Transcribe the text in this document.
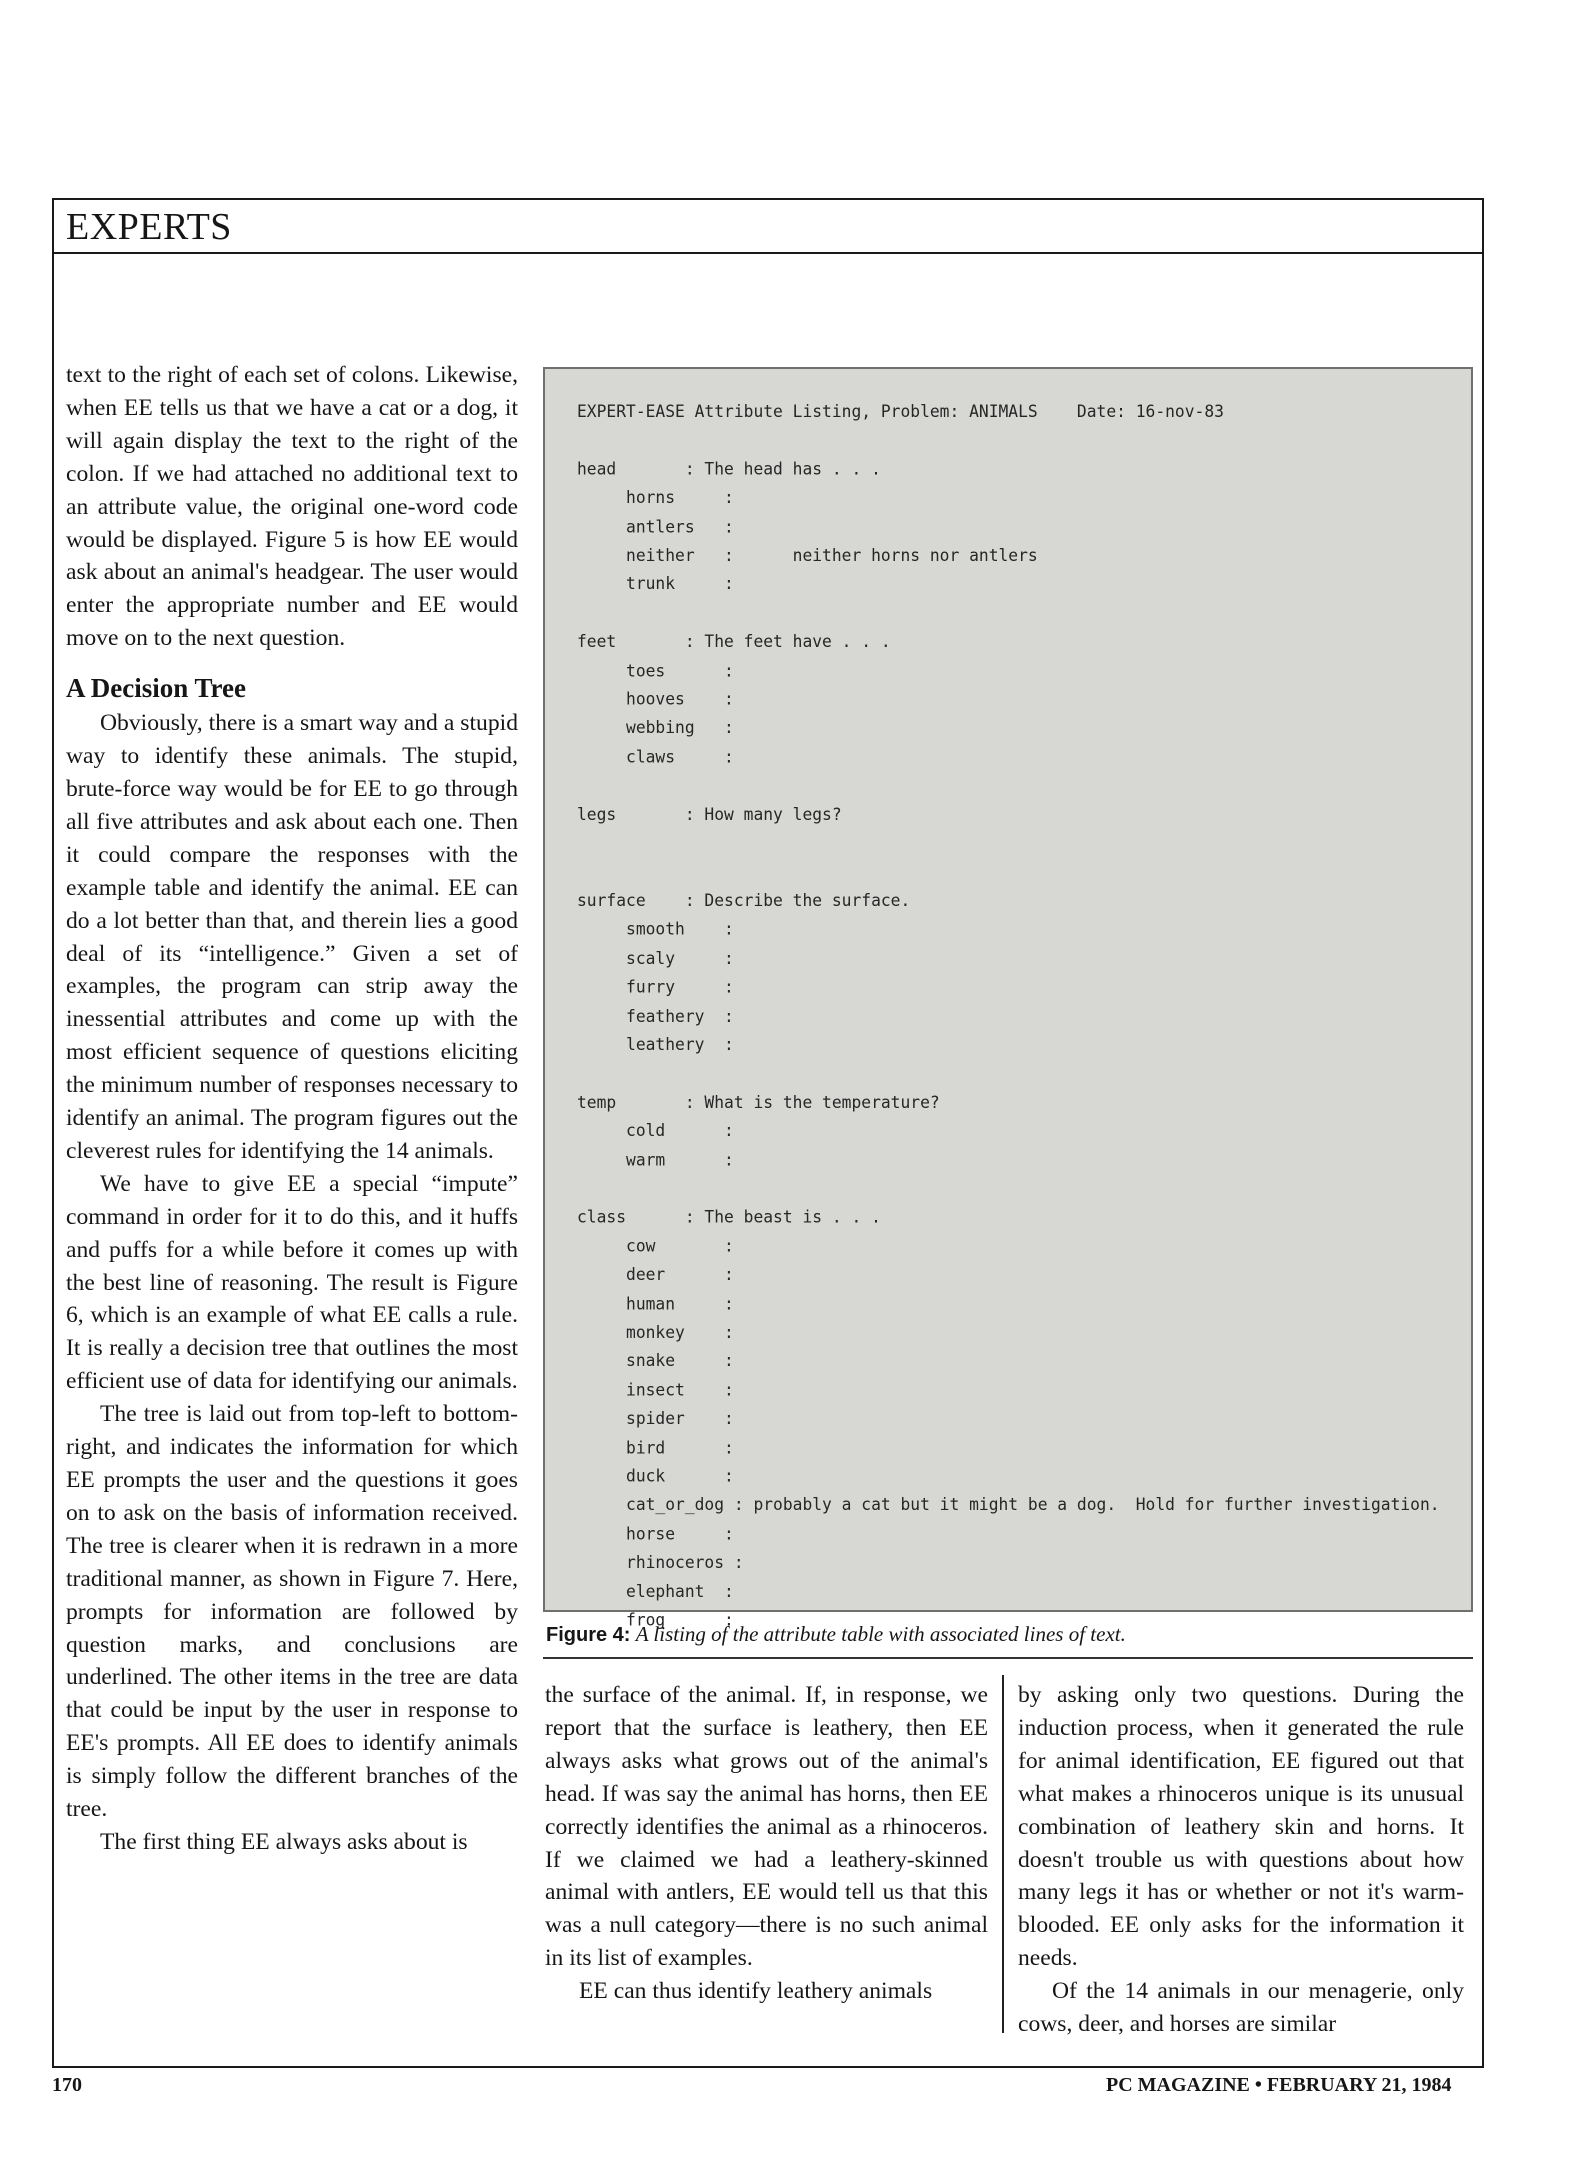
EXPERTS

text to the right of each set of colons. Likewise, when EE tells us that we have a cat or a dog, it will again display the text to the right of the colon. If we had attached no additional text to an attribute value, the original one-word code would be displayed. Figure 5 is how EE would ask about an animal's headgear. The user would enter the appropriate number and EE would move on to the next question.

A Decision Tree

Obviously, there is a smart way and a stupid way to identify these animals. The stupid, brute-force way would be for EE to go through all five attributes and ask about each one. Then it could compare the responses with the example table and identify the animal. EE can do a lot better than that, and therein lies a good deal of its “intelligence.” Given a set of examples, the program can strip away the inessential attributes and come up with the most efficient sequence of questions eliciting the minimum number of responses necessary to identify an animal. The program figures out the cleverest rules for identifying the 14 animals.

We have to give EE a special “impute” command in order for it to do this, and it huffs and puffs for a while before it comes up with the best line of reasoning. The result is Figure 6, which is an example of what EE calls a rule. It is really a decision tree that outlines the most efficient use of data for identifying our animals.

The tree is laid out from top-left to bottom-right, and indicates the information for which EE prompts the user and the questions it goes on to ask on the basis of information received. The tree is clearer when it is redrawn in a more traditional manner, as shown in Figure 7. Here, prompts for information are followed by question marks, and conclusions are underlined. The other items in the tree are data that could be input by the user in response to EE's prompts. All EE does to identify animals is simply follow the different branches of the tree.

The first thing EE always asks about is

EXPERT-EASE Attribute Listing, Problem: ANIMALS    Date: 16-nov-83

head       : The head has . . .
horns     :
antlers   :
neither   :      neither horns nor antlers
trunk     :

feet       : The feet have . . .
toes      :
hooves    :
webbing   :
claws     :

legs       : How many legs?

surface    : Describe the surface.
smooth    :
scaly     :
furry     :
feathery  :
leathery  :

temp       : What is the temperature?
cold      :
warm      :

class      : The beast is . . .
cow       :
deer      :
human     :
monkey    :
snake     :
insect    :
spider    :
bird      :
duck      :
cat_or_dog : probably a cat but it might be a dog.  Hold for further investigation.
horse     :
rhinoceros :
elephant  :
frog      :
Figure 4: A listing of the attribute table with associated lines of text.

the surface of the animal. If, in response, we report that the surface is leathery, then EE always asks what grows out of the animal's head. If was say the animal has horns, then EE correctly identifies the animal as a rhinoceros. If we claimed we had a leathery-skinned animal with antlers, EE would tell us that this was a null category—there is no such animal in its list of examples.

EE can thus identify leathery animals

by asking only two questions. During the induction process, when it generated the rule for animal identification, EE figured out that what makes a rhinoceros unique is its unusual combination of leathery skin and horns. It doesn't trouble us with questions about how many legs it has or whether or not it's warm-blooded. EE only asks for the information it needs.

Of the 14 animals in our menagerie, only cows, deer, and horses are similar

170	PC MAGAZINE • FEBRUARY 21, 1984
